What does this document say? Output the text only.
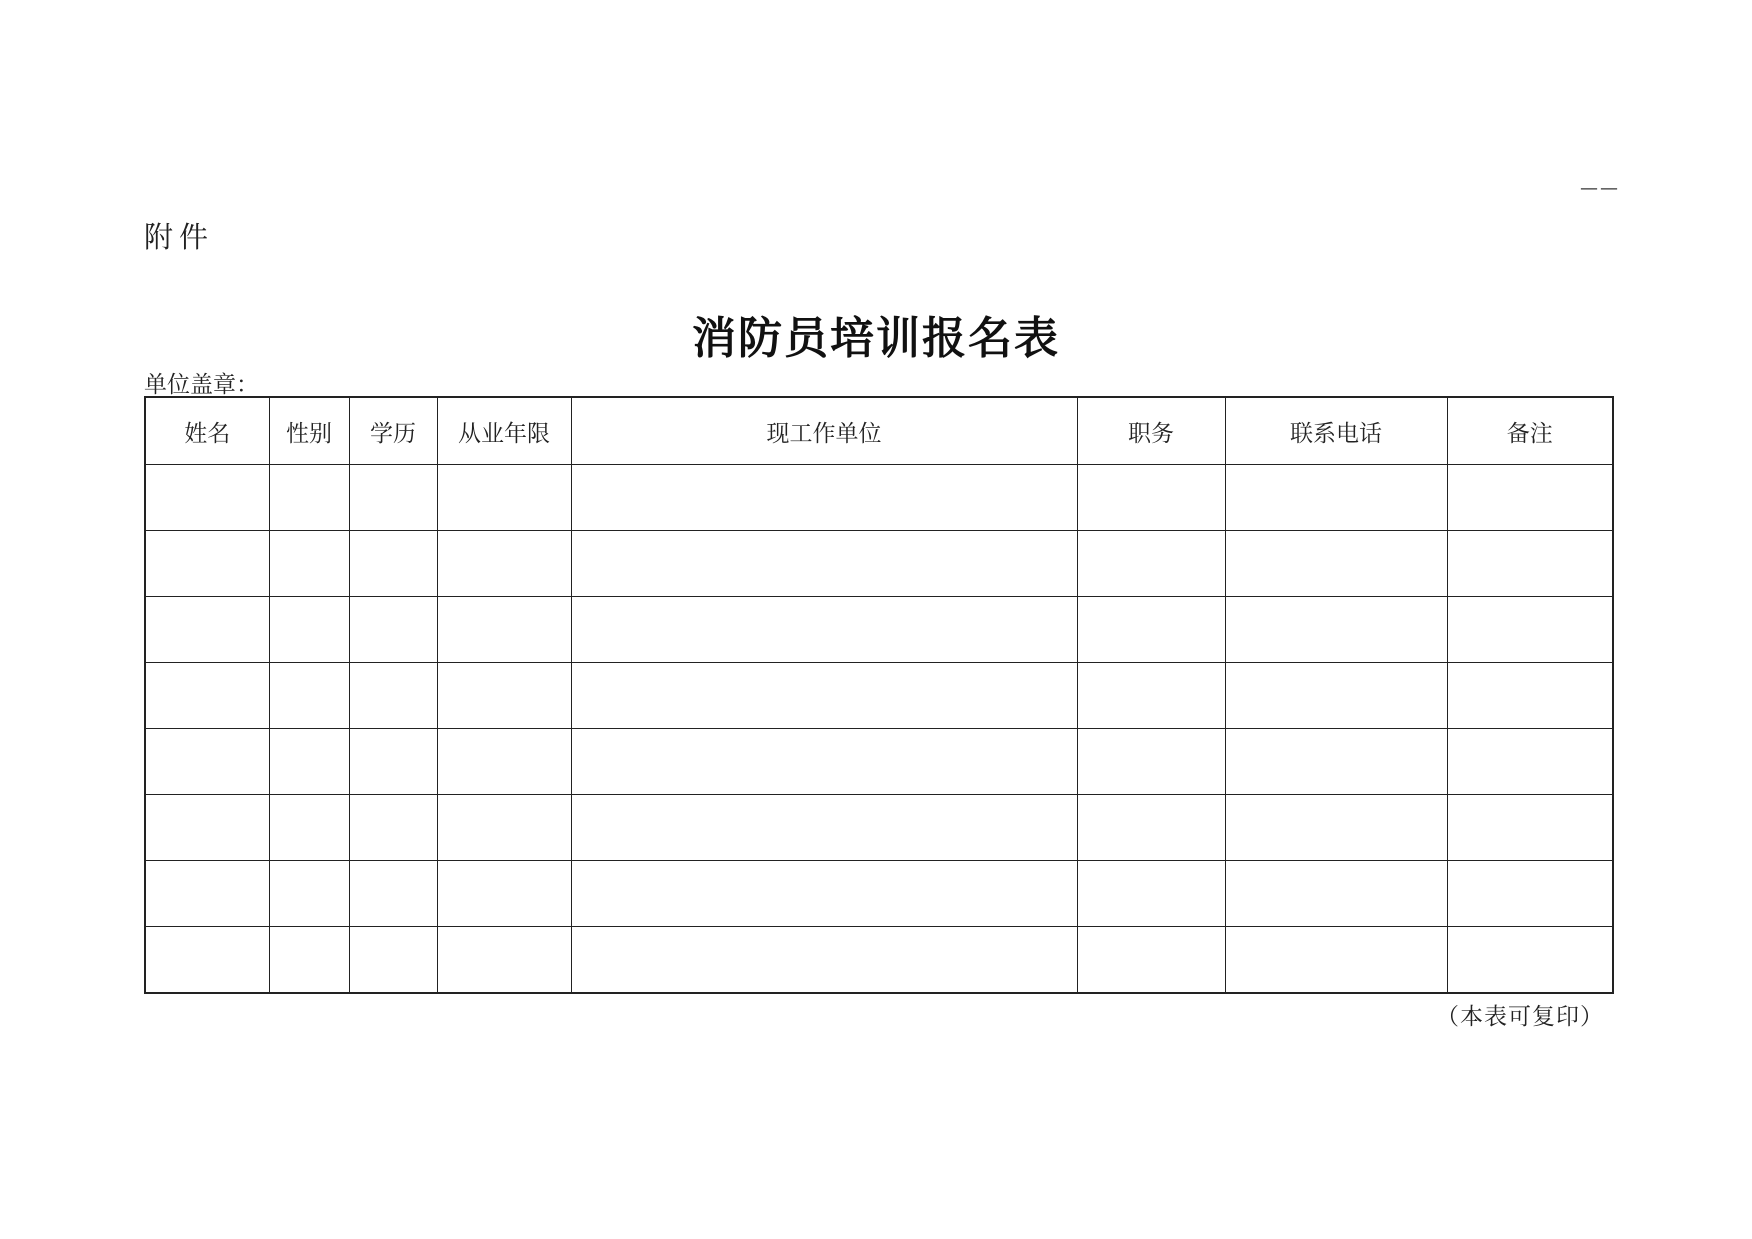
——
附件
消防员培训报名表
单位盖章：
姓名	性别	学历	从业年限	现工作单位	职务	联系电话	备注

（本表可复印）
